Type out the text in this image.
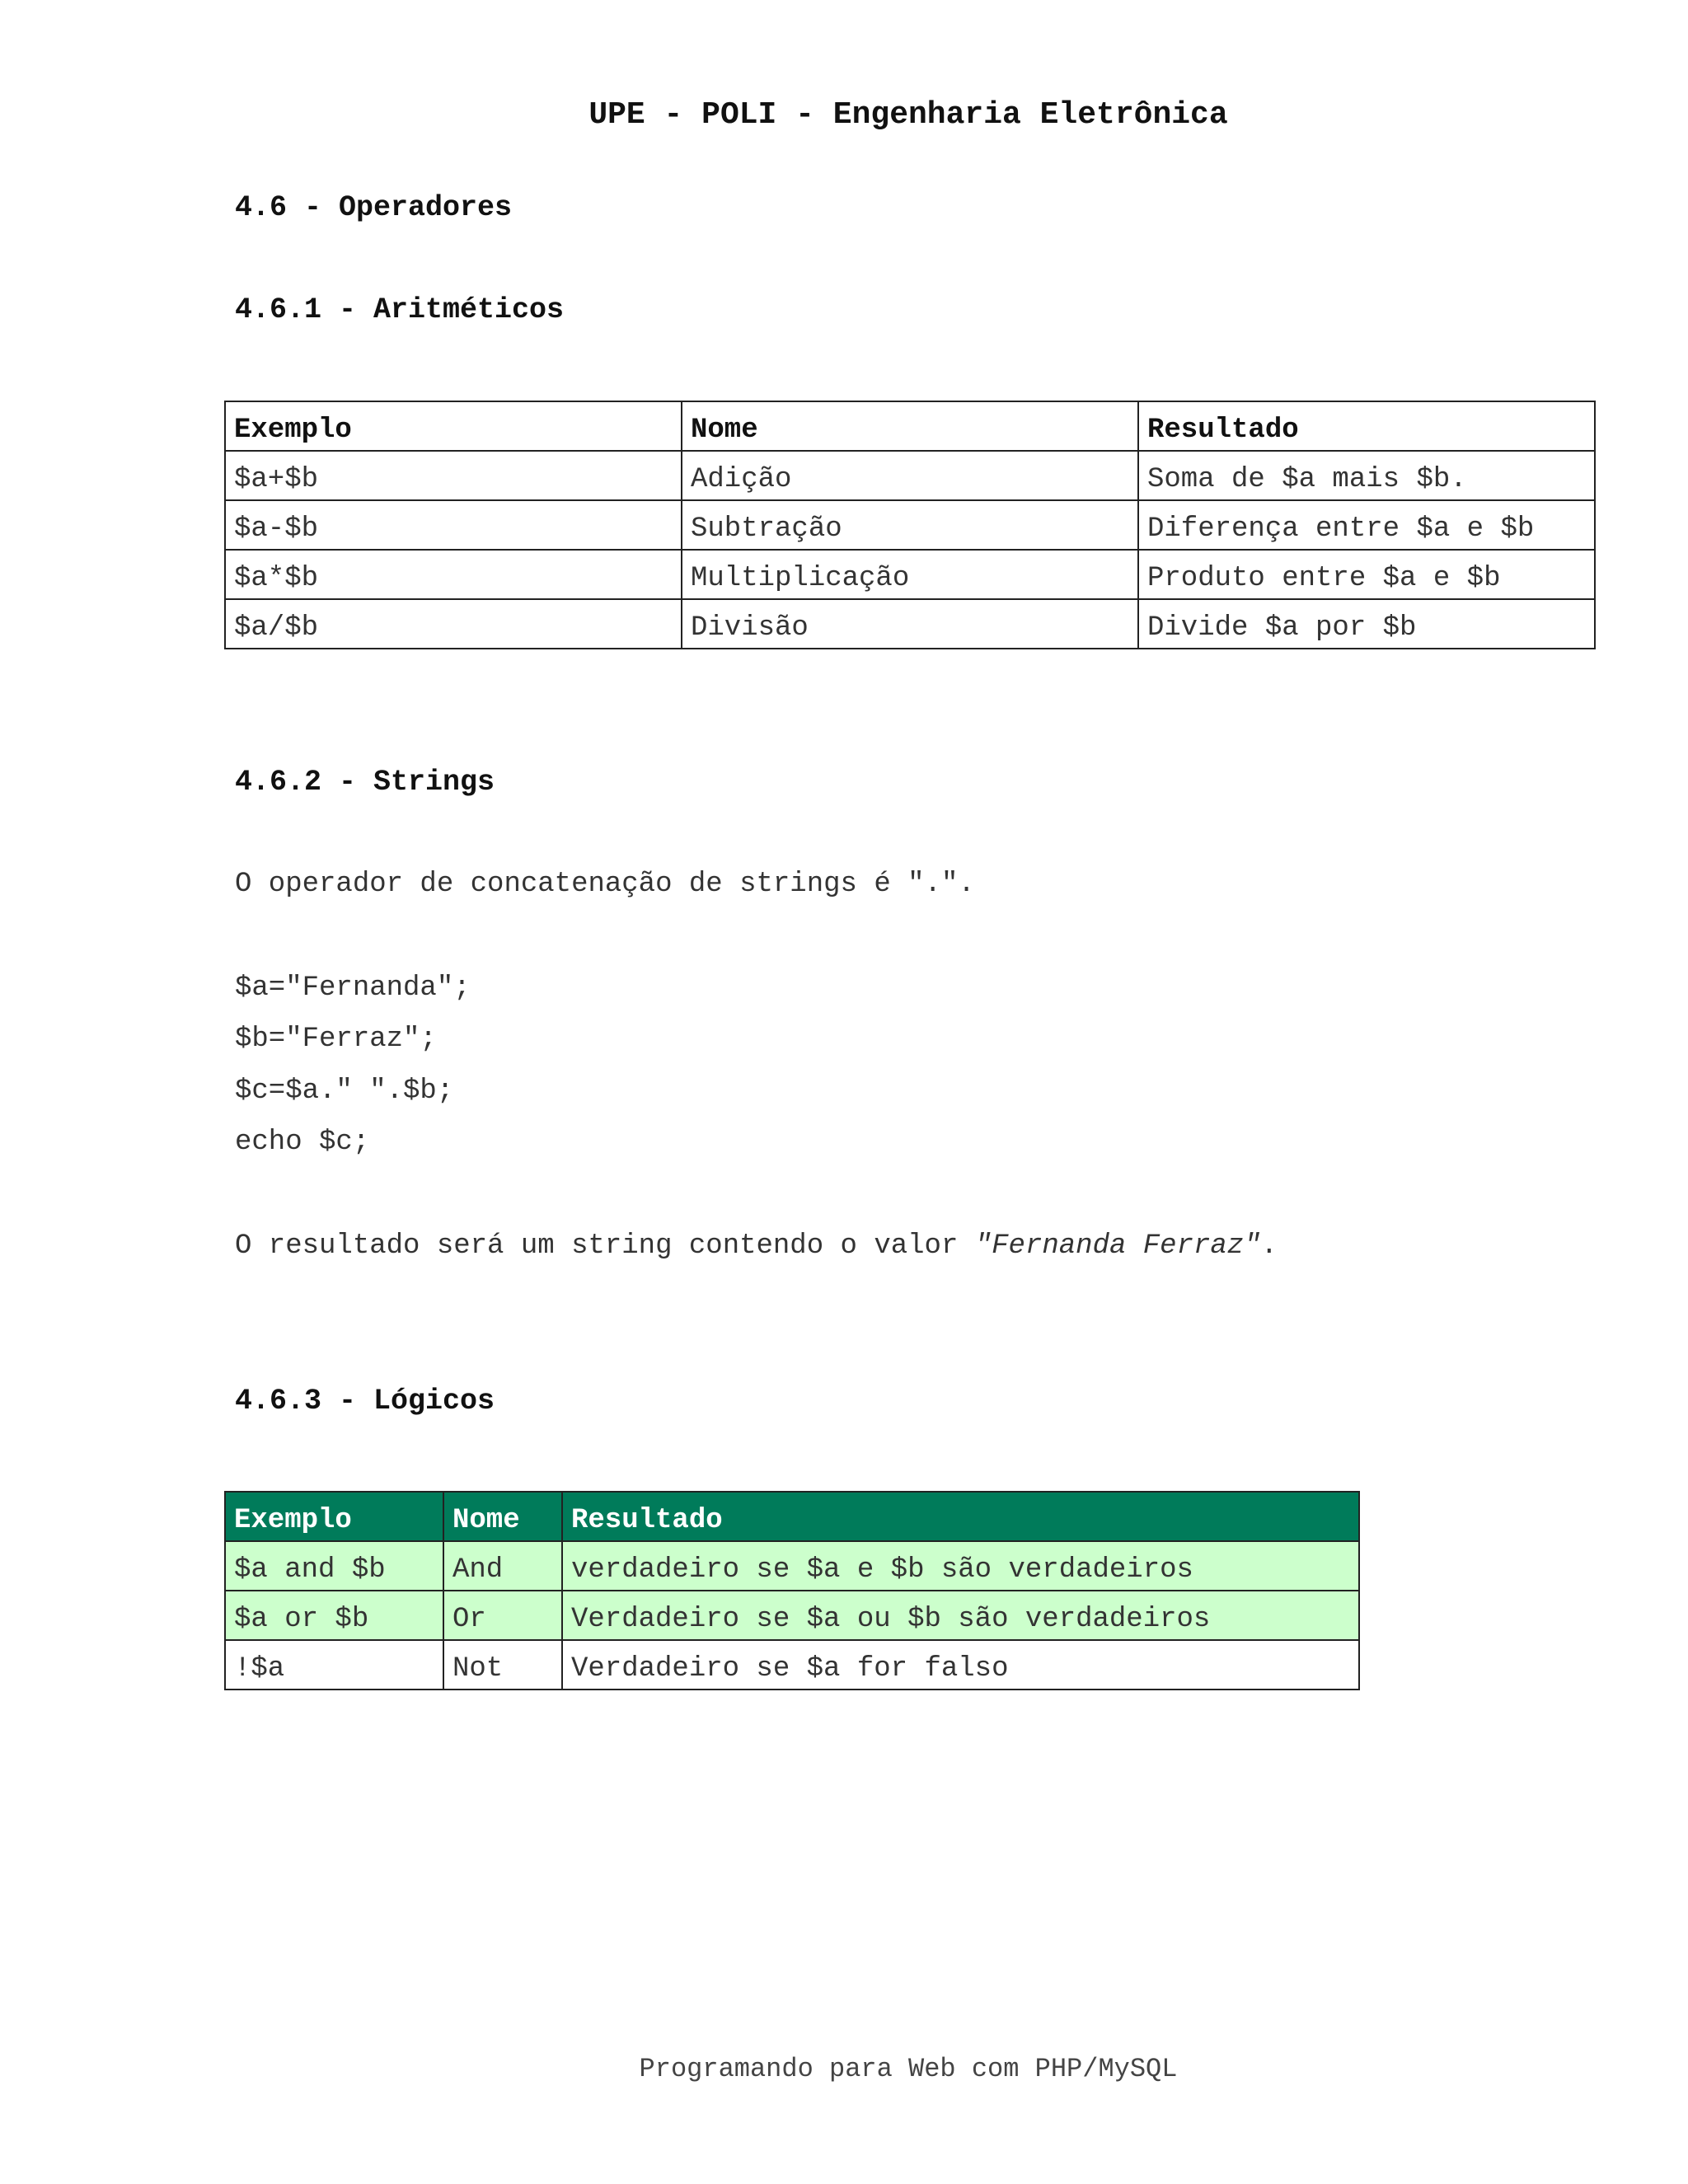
UPE - POLI - Engenharia Eletrônica
4.6 - Operadores
4.6.1 - Aritméticos
Exemplo	Nome	Resultado
$a+$b	Adição	Soma de $a mais $b.
$a-$b	Subtração	Diferença entre $a e $b
$a*$b	Multiplicação	Produto entre $a e $b
$a/$b	Divisão	Divide $a por $b
4.6.2 - Strings
O operador de concatenação de strings é ".".
$a="Fernanda";
$b="Ferraz";
$c=$a." ".$b;
echo $c;
O resultado será um string contendo o valor "Fernanda Ferraz".
4.6.3 - Lógicos
Exemplo	Nome	Resultado
$a and $b	And	verdadeiro se $a e $b são verdadeiros
$a or $b	Or	Verdadeiro se $a ou $b são verdadeiros
!$a	Not	Verdadeiro se $a for falso
Programando para Web com PHP/MySQL
